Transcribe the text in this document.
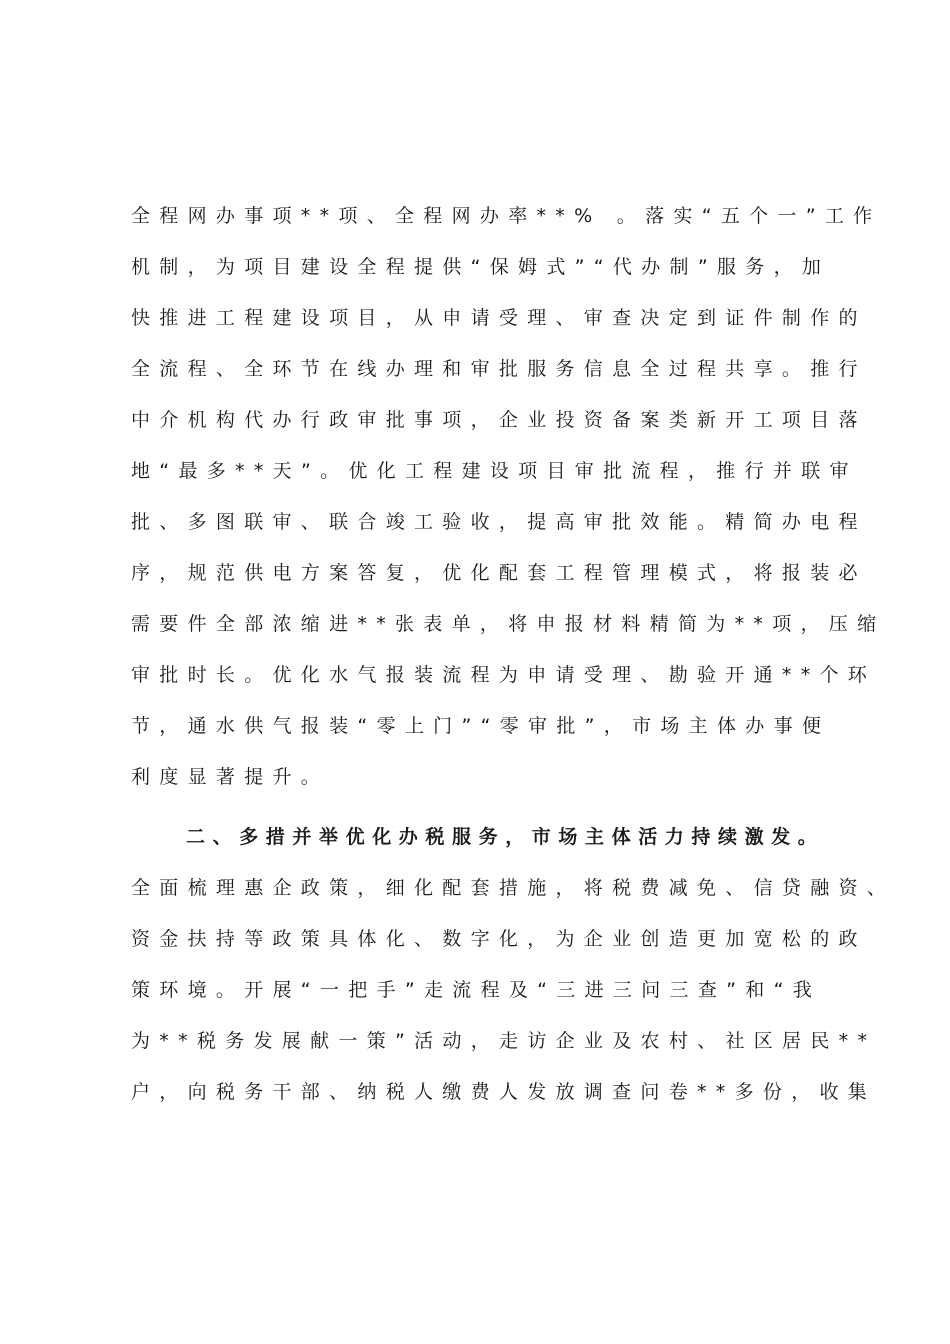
全程网办事项**项、全程网办率**% 。落实“五个一”工作
机制，为项目建设全程提供“保姆式”“代办制”服务，加
快推进工程建设项目，从申请受理、审查决定到证件制作的
全流程、全环节在线办理和审批服务信息全过程共享。推行
中介机构代办行政审批事项，企业投资备案类新开工项目落
地“最多**天”。优化工程建设项目审批流程，推行并联审
批、多图联审、联合竣工验收，提高审批效能。精简办电程
序，规范供电方案答复，优化配套工程管理模式，将报装必
需要件全部浓缩进**张表单，将申报材料精简为**项，压缩
审批时长。优化水气报装流程为申请受理、勘验开通**个环
节，通水供气报装“零上门”“零审批”，市场主体办事便
利度显著提升。
二、多措并举优化办税服务，市场主体活力持续激发。
全面梳理惠企政策，细化配套措施，将税费减免、信贷融资、
资金扶持等政策具体化、数字化，为企业创造更加宽松的政
策环境。开展“一把手”走流程及“三进三问三查”和“我
为**税务发展献一策”活动，走访企业及农村、社区居民**
户，向税务干部、纳税人缴费人发放调查问卷**多份，收集
